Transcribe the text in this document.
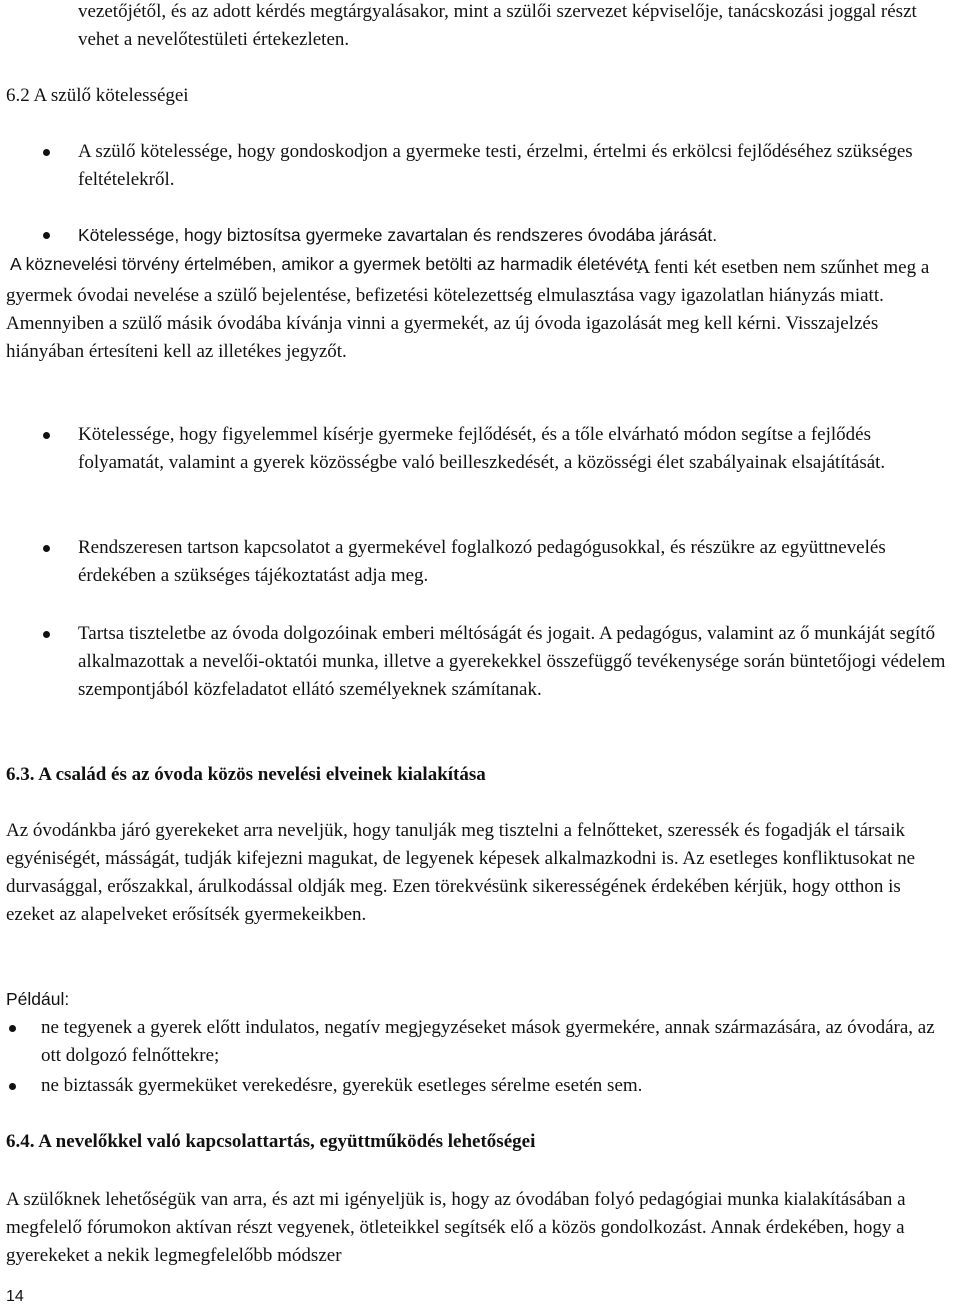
vezetőjétől, és az adott kérdés megtárgyalásakor, mint a szülői szervezet képviselője, tanácskozási joggal részt vehet a nevelőtestületi értekezleten.

6.2 A szülő kötelességei

A szülő kötelessége, hogy gondoskodjon a gyermeke testi, érzelmi, értelmi és erkölcsi fejlődéséhez szükséges feltételekről.

Kötelessége, hogy biztosítsa gyermeke zavartalan és rendszeres óvodába járását.

A köznevelési törvény értelmében, amikor a gyermek betölti az harmadik életévét.

A fenti két esetben nem szűnhet meg a gyermek óvodai nevelése a szülő bejelentése, befizetési kötelezettség elmulasztása vagy igazolatlan hiányzás miatt. Amennyiben a szülő másik óvodába kívánja vinni a gyermekét, az új óvoda igazolását meg kell kérni. Visszajelzés hiányában értesíteni kell az illetékes jegyzőt.

Kötelessége, hogy figyelemmel kísérje gyermeke fejlődését, és a tőle elvárható módon segítse a fejlődés folyamatát, valamint a gyerek közösségbe való beilleszkedését, a közösségi élet szabályainak elsajátítását.

Rendszeresen tartson kapcsolatot a gyermekével foglalkozó pedagógusokkal, és részükre az együttnevelés érdekében a szükséges tájékoztatást adja meg.

Tartsa tiszteletbe az óvoda dolgozóinak emberi méltóságát és jogait. A pedagógus, valamint az ő munkáját segítő alkalmazottak a nevelői-oktatói munka, illetve a gyerekekkel összefüggő tevékenysége során büntetőjogi védelem szempontjából közfeladatot ellátó személyeknek számítanak.

6.3. A család és az óvoda közös nevelési elveinek kialakítása

Az óvodánkba járó gyerekeket arra neveljük, hogy tanulják meg tisztelni a felnőtteket, szeressék és fogadják el társaik egyéniségét, másságát, tudják kifejezni magukat, de legyenek képesek alkalmazkodni is. Az esetleges konfliktusokat ne durvasággal, erőszakkal, árulkodással oldják meg. Ezen törekvésünk sikerességének érdekében kérjük, hogy otthon is ezeket az alapelveket erősítsék gyermekeikben.

Például:

ne tegyenek a gyerek előtt indulatos, negatív megjegyzéseket mások gyermekére, annak származására, az óvodára, az ott dolgozó felnőttekre;

ne biztassák gyermeküket verekedésre, gyerekük esetleges sérelme esetén sem.

6.4. A nevelőkkel való kapcsolattartás, együttműködés lehetőségei

A szülőknek lehetőségük van arra, és azt mi igényeljük is, hogy az óvodában folyó pedagógiai munka kialakításában a megfelelő fórumokon aktívan részt vegyenek, ötleteikkel segítsék elő a közös gondolkozást. Annak érdekében, hogy a gyerekeket a nekik legmegfelelőbb módszer

14
